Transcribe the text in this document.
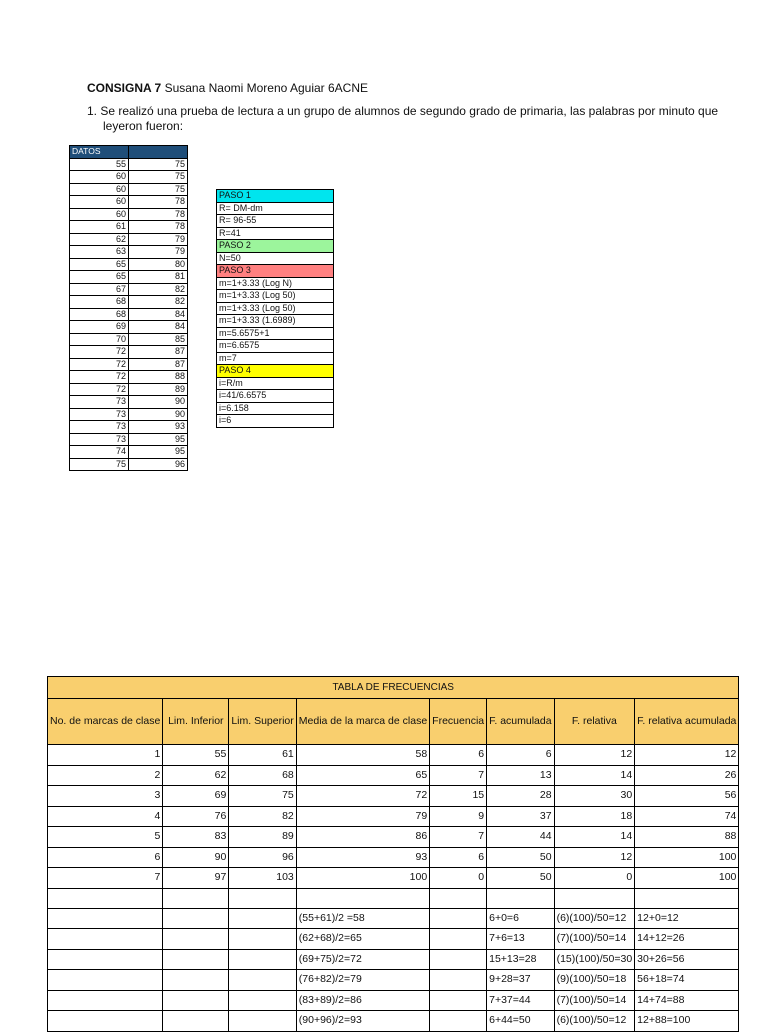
CONSIGNA 7 Susana Naomi Moreno Aguiar 6ACNE
1. Se realizó una prueba de lectura a un grupo de alumnos de segundo grado de primaria, las palabras por minuto que
leyeron fueron:
DATOS	
55	75
60	75
60	75
60	78
60	78
61	78
62	79
63	79
65	80
65	81
67	82
68	82
68	84
69	84
70	85
72	87
72	87
72	88
72	89
73	90
73	90
73	93
73	95
74	95
75	96
PASO 1
R= DM-dm
R= 96-55
R=41
PASO 2
N=50
PASO 3
m=1+3.33 (Log N)
m=1+3.33 (Log 50)
m=1+3.33 (Log 50)
m=1+3.33 (1.6989)
m=5.6575+1
m=6.6575
m=7
PASO 4
i=R/m
i=41/6.6575
i=6.158
i=6
TABLA DE FRECUENCIAS							
No. de marcas de clase	Lim. Inferior	Lim. Superior	Media de la marca de clase	Frecuencia	F. acumulada	F. relativa	F. relativa acumulada
1	55	61	58	6	6	12	12
2	62	68	65	7	13	14	26
3	69	75	72	15	28	30	56
4	76	82	79	9	37	18	74
5	83	89	86	7	44	14	88
6	90	96	93	6	50	12	100
7	97	103	100	0	50	0	100

			(55+61)/2 =58		6+0=6	(6)(100)/50=12	12+0=12
			(62+68)/2=65		7+6=13	(7)(100)/50=14	14+12=26
			(69+75)/2=72		15+13=28	(15)(100)/50=30	30+26=56
			(76+82)/2=79		9+28=37	(9)(100)/50=18	56+18=74
			(83+89)/2=86		7+37=44	(7)(100)/50=14	14+74=88
			(90+96)/2=93		6+44=50	(6)(100)/50=12	12+88=100
